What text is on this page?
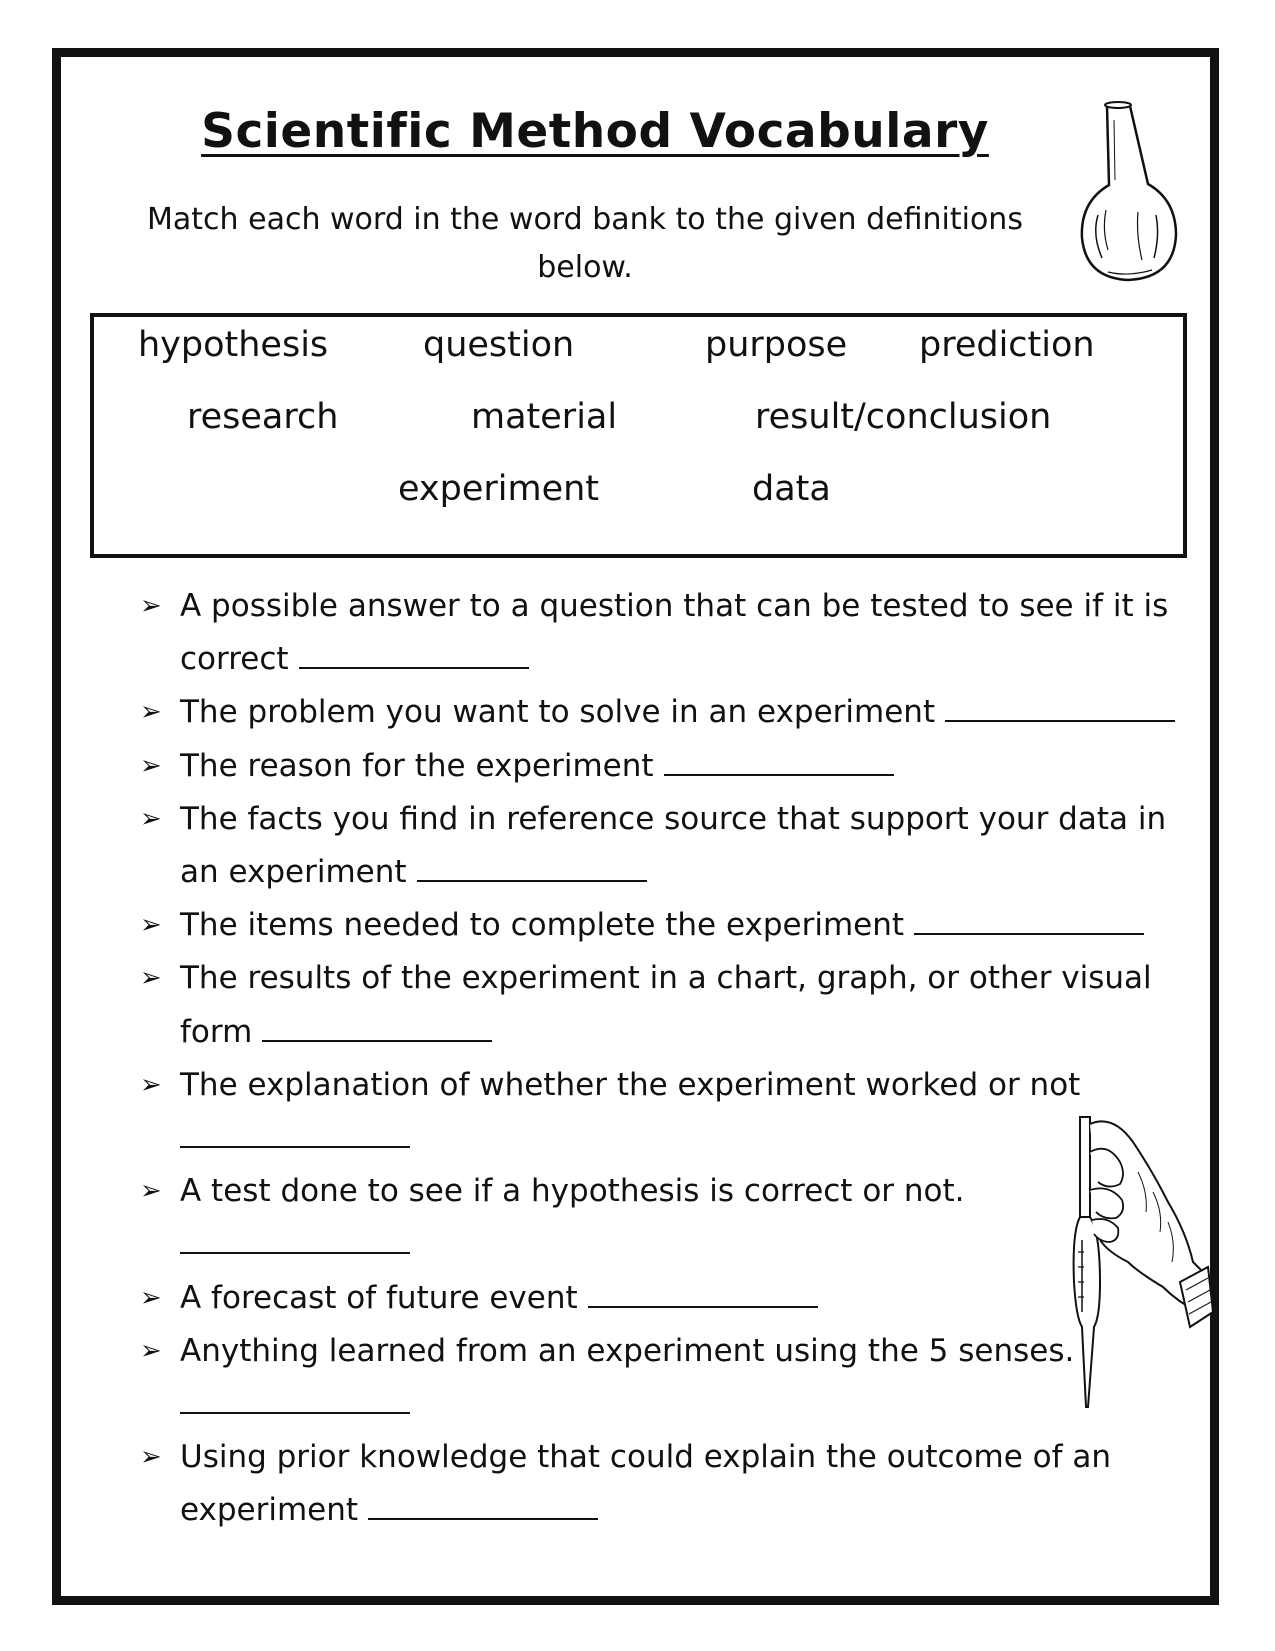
Scientific Method Vocabulary
Match each word in the word bank to the given definitions below.
hypothesis	question	purpose prediction
research	material	result/conclusion
experiment	data
➢ A possible answer to a question that can be tested to see if it is correct
➢ The problem you want to solve in an experiment
➢ The reason for the experiment
➢ The facts you find in reference source that support your data in an experiment
➢ The items needed to complete the experiment
➢ The results of the experiment in a chart, graph, or other visual form
➢ The explanation of whether the experiment worked or not

➢ A test done to see if a hypothesis is correct or not.

➢ A forecast of future event
➢ Anything learned from an experiment using the 5 senses.

➢ Using prior knowledge that could explain the outcome of an experiment
